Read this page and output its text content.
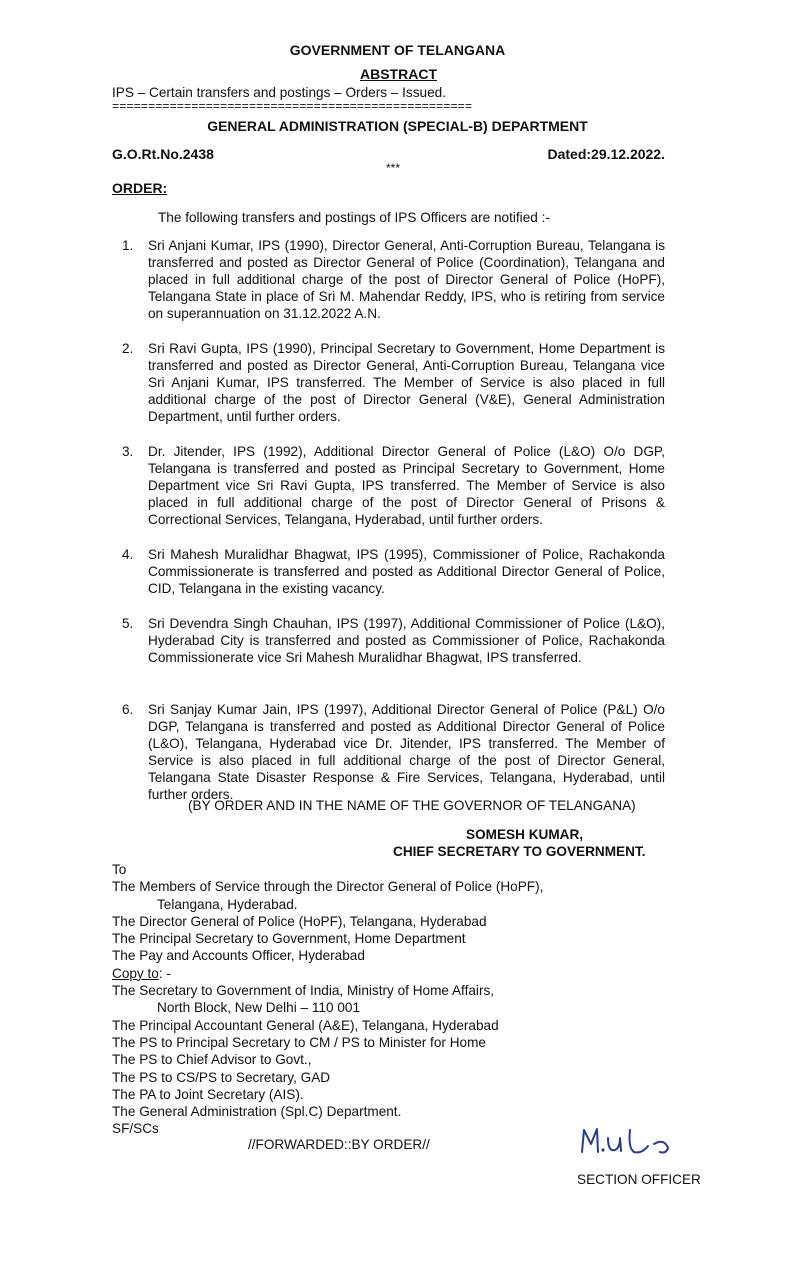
GOVERNMENT OF TELANGANA
ABSTRACT
IPS – Certain transfers and postings – Orders – Issued.
==================================================
GENERAL ADMINISTRATION (SPECIAL-B) DEPARTMENT
G.O.Rt.No.2438	Dated:29.12.2022.
***
ORDER:
The following transfers and postings of IPS Officers are notified :-
1. Sri Anjani Kumar, IPS (1990), Director General, Anti-Corruption Bureau, Telangana is transferred and posted as Director General of Police (Coordination), Telangana and placed in full additional charge of the post of Director General of Police (HoPF), Telangana State in place of Sri M. Mahendar Reddy, IPS, who is retiring from service on superannuation on 31.12.2022 A.N.
2. Sri Ravi Gupta, IPS (1990), Principal Secretary to Government, Home Department is transferred and posted as Director General, Anti-Corruption Bureau, Telangana vice Sri Anjani Kumar, IPS transferred. The Member of Service is also placed in full additional charge of the post of Director General (V&E), General Administration Department, until further orders.
3. Dr. Jitender, IPS (1992), Additional Director General of Police (L&O) O/o DGP, Telangana is transferred and posted as Principal Secretary to Government, Home Department vice Sri Ravi Gupta, IPS transferred. The Member of Service is also placed in full additional charge of the post of Director General of Prisons & Correctional Services, Telangana, Hyderabad, until further orders.
4. Sri Mahesh Muralidhar Bhagwat, IPS (1995), Commissioner of Police, Rachakonda Commissionerate is transferred and posted as Additional Director General of Police, CID, Telangana in the existing vacancy.
5. Sri Devendra Singh Chauhan, IPS (1997), Additional Commissioner of Police (L&O), Hyderabad City is transferred and posted as Commissioner of Police, Rachakonda Commissionerate vice Sri Mahesh Muralidhar Bhagwat, IPS transferred.
6. Sri Sanjay Kumar Jain, IPS (1997), Additional Director General of Police (P&L) O/o DGP, Telangana is transferred and posted as Additional Director General of Police (L&O), Telangana, Hyderabad vice Dr. Jitender, IPS transferred. The Member of Service is also placed in full additional charge of the post of Director General, Telangana State Disaster Response & Fire Services, Telangana, Hyderabad, until further orders.
(BY ORDER AND IN THE NAME OF THE GOVERNOR OF TELANGANA)
SOMESH KUMAR,
CHIEF SECRETARY TO GOVERNMENT.
To
The Members of Service through the Director General of Police (HoPF),
Telangana, Hyderabad.
The Director General of Police (HoPF), Telangana, Hyderabad
The Principal Secretary to Government, Home Department
The Pay and Accounts Officer, Hyderabad
Copy to: -
The Secretary to Government of India, Ministry of Home Affairs,
North Block, New Delhi – 110 001
The Principal Accountant General (A&E), Telangana, Hyderabad
The PS to Principal Secretary to CM / PS to Minister for Home
The PS to Chief Advisor to Govt.,
The PS to CS/PS to Secretary, GAD
The PA to Joint Secretary (AIS).
The General Administration (Spl.C) Department.
SF/SCs
//FORWARDED::BY ORDER//
SECTION OFFICER
